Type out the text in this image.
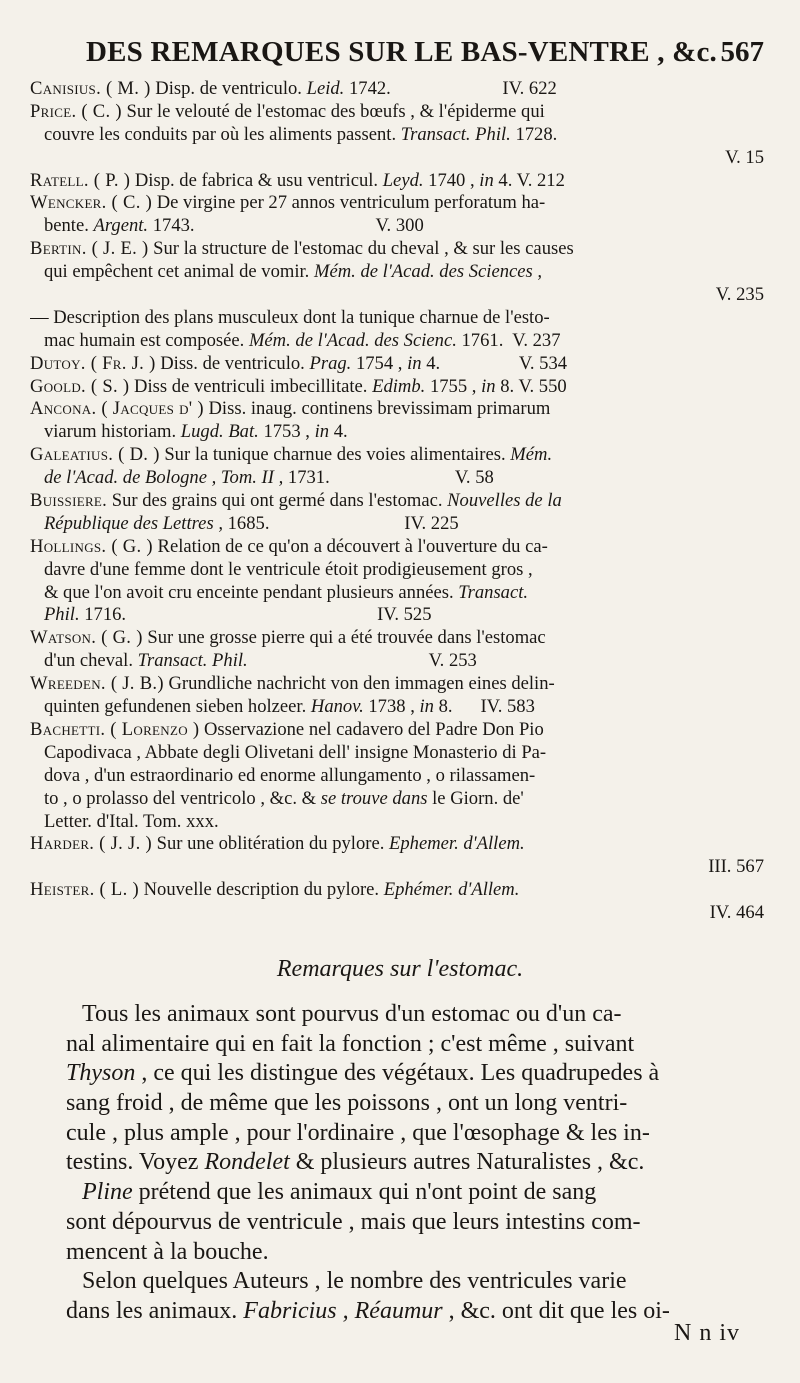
DES REMARQUES SUR LE BAS-VENTRE , &c. 567
Canisius. ( M. ) Disp. de ventriculo. Leid. 1742.                        IV. 622
Price. ( C. ) Sur le velouté de l'estomac des bœufs , & l'épiderme qui
couvre les conduits par où les aliments passent. Transact. Phil. 1728.
V. 15
Ratell. ( P. ) Disp. de fabrica & usu ventricul. Leyd. 1740 , in 4. V. 212
Wencker. ( C. ) De virgine per 27 annos ventriculum perforatum ha-
bente. Argent. 1743.                                       V. 300
Bertin. ( J. E. ) Sur la structure de l'estomac du cheval , & sur les causes
qui empêchent cet animal de vomir. Mém. de l'Acad. des Sciences ,
V. 235
— Description des plans musculeux dont la tunique charnue de l'esto-
mac humain est composée. Mém. de l'Acad. des Scienc. 1761.  V. 237
Dutoy. ( Fr. J. ) Diss. de ventriculo. Prag. 1754 , in 4.                 V. 534
Goold. ( S. ) Diss de ventriculi imbecillitate. Edimb. 1755 , in 8. V. 550
Ancona. ( Jacques d' ) Diss. inaug. continens brevissimam primarum
viarum historiam. Lugd. Bat. 1753 , in 4.
Galeatius. ( D. ) Sur la tunique charnue des voies alimentaires. Mém.
de l'Acad. de Bologne , Tom. II , 1731.                           V. 58
Buissiere. Sur des grains qui ont germé dans l'estomac. Nouvelles de la
République des Lettres , 1685.                             IV. 225
Hollings. ( G. ) Relation de ce qu'on a découvert à l'ouverture du ca-
davre d'une femme dont le ventricule étoit prodigieusement gros ,
& que l'on avoit cru enceinte pendant plusieurs années. Transact.
Phil. 1716.                                                      IV. 525
Watson. ( G. ) Sur une grosse pierre qui a été trouvée dans l'estomac
d'un cheval. Transact. Phil.                                       V. 253
Wreeden. ( J. B.) Grundliche nachricht von den immagen eines delin-
quinten gefundenen sieben holzeer. Hanov. 1738 , in 8.      IV. 583
Bachetti. ( Lorenzo ) Osservazione nel cadavero del Padre Don Pio
Capodivaca , Abbate degli Olivetani dell' insigne Monasterio di Pa-
dova , d'un estraordinario ed enorme allungamento , o rilassamen-
to , o prolasso del ventricolo , &c. & se trouve dans le Giorn. de'
Letter. d'Ital. Tom. xxx.
Harder. ( J. J. ) Sur une oblitération du pylore. Ephemer. d'Allem.
III. 567
Heister. ( L. ) Nouvelle description du pylore. Ephémer. d'Allem.
IV. 464
Remarques sur l'estomac.
Tous les animaux sont pourvus d'un estomac ou d'un ca-
nal alimentaire qui en fait la fonction ; c'est même , suivant
Thyson , ce qui les distingue des végétaux. Les quadrupedes à
sang froid , de même que les poissons , ont un long ventri-
cule , plus ample , pour l'ordinaire , que l'œsophage & les in-
testins. Voyez Rondelet & plusieurs autres Naturalistes , &c.
Pline prétend que les animaux qui n'ont point de sang
sont dépourvus de ventricule , mais que leurs intestins com-
mencent à la bouche.
Selon quelques Auteurs , le nombre des ventricules varie
dans les animaux. Fabricius , Réaumur , &c. ont dit que les oi-
N n iv
